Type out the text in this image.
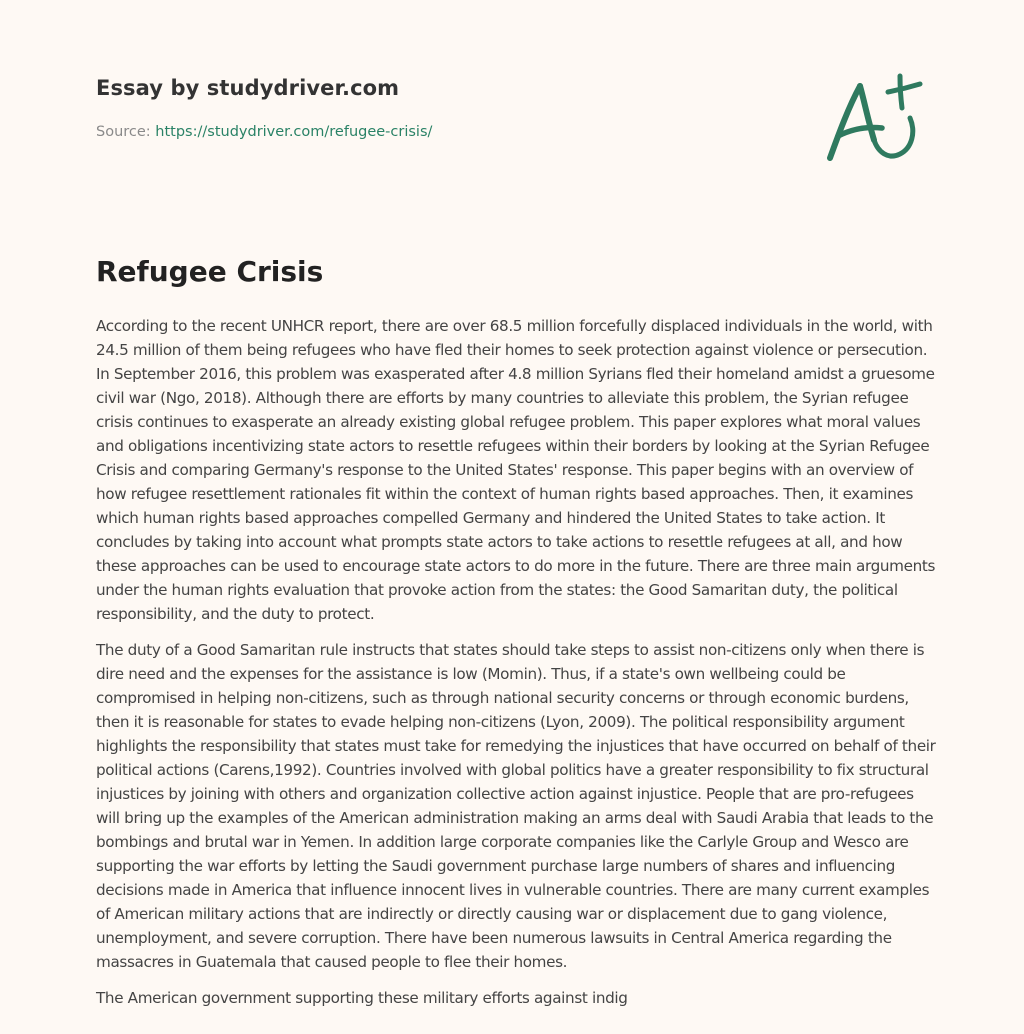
Essay by studydriver.com
Source: https://studydriver.com/refugee-crisis/
Refugee Crisis

According to the recent UNHCR report, there are over 68.5 million forcefully displaced individuals in the world, with 24.5 million of them being refugees who have fled their homes to seek protection against violence or persecution. In September 2016, this problem was exasperated after 4.8 million Syrians fled their homeland amidst a gruesome civil war (Ngo, 2018). Although there are efforts by many countries to alleviate this problem, the Syrian refugee crisis continues to exasperate an already existing global refugee problem. This paper explores what moral values and obligations incentivizing state actors to resettle refugees within their borders by looking at the Syrian Refugee Crisis and comparing Germany's response to the United States' response. This paper begins with an overview of how refugee resettlement rationales fit within the context of human rights based approaches. Then, it examines which human rights based approaches compelled Germany and hindered the United States to take action. It concludes by taking into account what prompts state actors to take actions to resettle refugees at all, and how these approaches can be used to encourage state actors to do more in the future. There are three main arguments under the human rights evaluation that provoke action from the states: the Good Samaritan duty, the political responsibility, and the duty to protect.

The duty of a Good Samaritan rule instructs that states should take steps to assist non-citizens only when there is dire need and the expenses for the assistance is low (Momin). Thus, if a state's own wellbeing could be compromised in helping non-citizens, such as through national security concerns or through economic burdens, then it is reasonable for states to evade helping non-citizens (Lyon, 2009). The political responsibility argument highlights the responsibility that states must take for remedying the injustices that have occurred on behalf of their political actions (Carens,1992). Countries involved with global politics have a greater responsibility to fix structural injustices by joining with others and organization collective action against injustice. People that are pro-refugees will bring up the examples of the American administration making an arms deal with Saudi Arabia that leads to the bombings and brutal war in Yemen. In addition large corporate companies like the Carlyle Group and Wesco are supporting the war efforts by letting the Saudi government purchase large numbers of shares and influencing decisions made in America that influence innocent lives in vulnerable countries. There are many current examples of American military actions that are indirectly or directly causing war or displacement due to gang violence, unemployment, and severe corruption. There have been numerous lawsuits in Central America regarding the massacres in Guatemala that caused people to flee their homes.

The American government supporting these military efforts against indig
